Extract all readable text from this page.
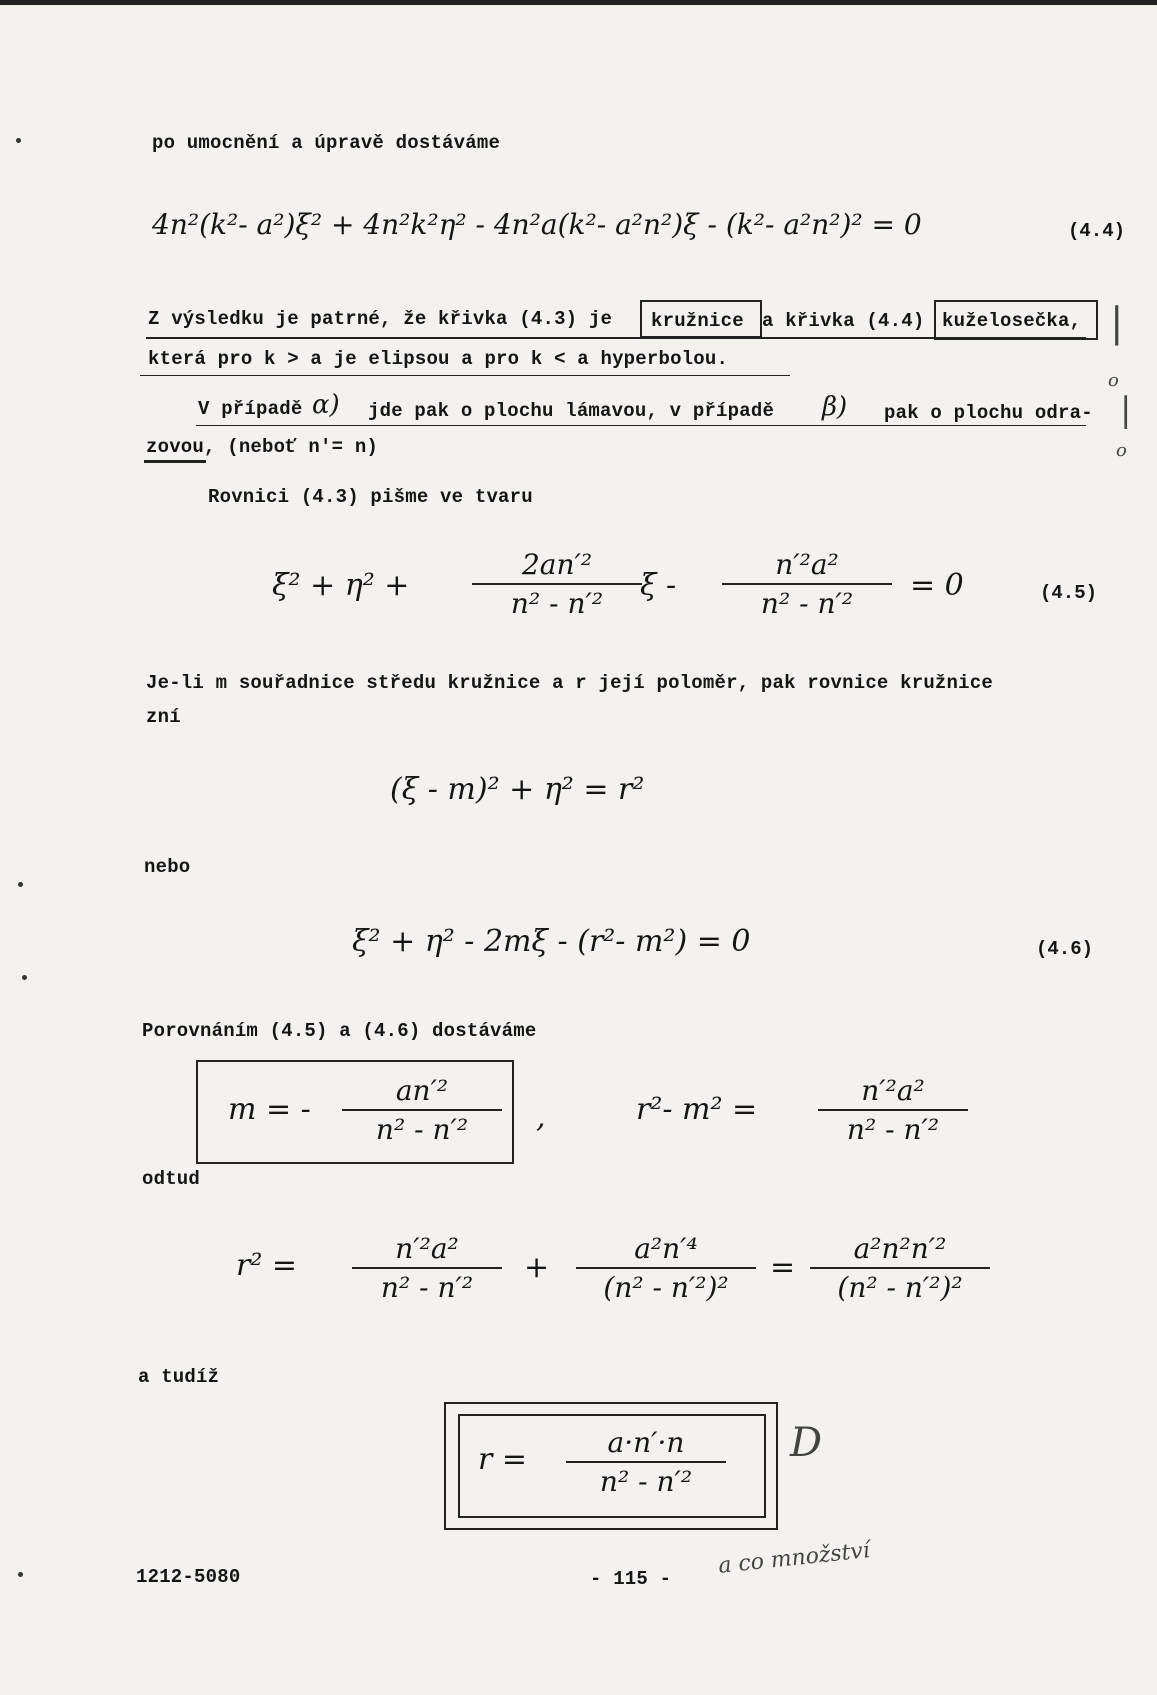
po umocnění a úpravě dostáváme
4n²(k²- a²)ξ² + 4n²k²η² - 4n²a(k²- a²n²)ξ - (k²- a²n²)² = 0	(4.4)
Z výsledku je patrné, že křivka (4.3) je kružnice a křivka (4.4) kuželosečka,
která pro k > a je elipsou a pro k < a hyperbolou.
|
o
|
o
V případě α) jde pak o plochu lámavou, v případě β) pak o plochu odra-
zovou, (neboť n′= n)
Rovnici (4.3) pišme ve tvaru
ξ² + η² +
2an′²
n² - n′²
ξ -
n′²a²
n² - n′²
= 0	(4.5)
Je-li m souřadnice středu kružnice a r její poloměr, pak rovnice kružnice
zní
(ξ - m)² + η² = r²
nebo
ξ² + η² - 2mξ - (r²- m²) = 0	(4.6)
Porovnáním (4.5) a (4.6) dostáváme
m = -
an′²
n² - n′² ,	r²- m² =
n′²a²
n² - n′²
odtud
r² =	n′²a²
n² - n′²
+
a²n′⁴
(n² - n′²)²
=
a²n²n′²
(n² - n′²)²
a tudíž
r =	a·n′·n
n² - n′²
D
1212-5080	- 115 -
a co množství
